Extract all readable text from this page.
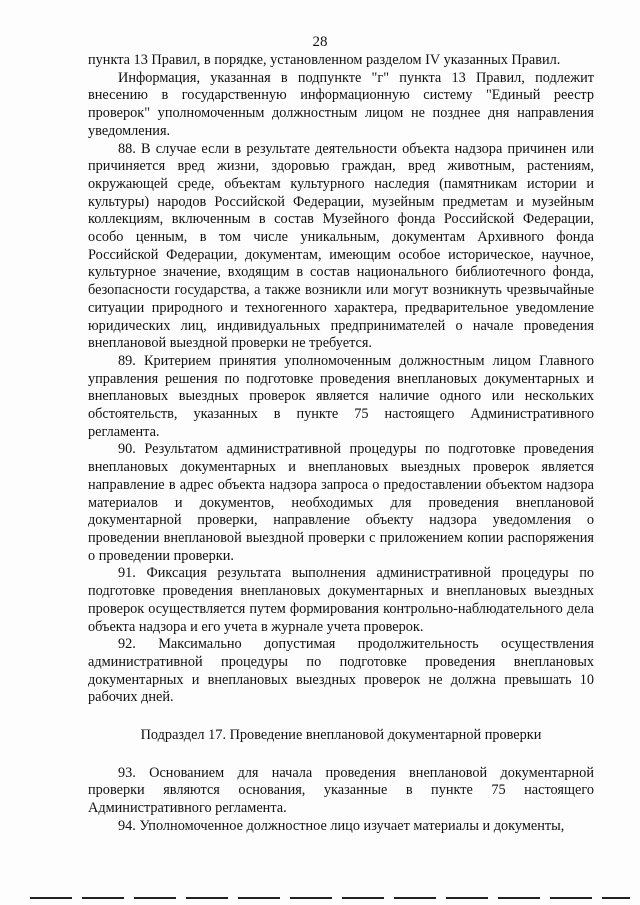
28

пункта 13 Правил, в порядке, установленном разделом IV указанных Правил.

Информация, указанная в подпункте "г" пункта 13 Правил, подлежит внесению в государственную информационную систему "Единый реестр проверок" уполномоченным должностным лицом не позднее дня направления уведомления.

88. В случае если в результате деятельности объекта надзора причинен или причиняется вред жизни, здоровью граждан, вред животным, растениям, окружающей среде, объектам культурного наследия (памятникам истории и культуры) народов Российской Федерации, музейным предметам и музейным коллекциям, включенным в состав Музейного фонда Российской Федерации, особо ценным, в том числе уникальным, документам Архивного фонда Российской Федерации, документам, имеющим особое историческое, научное, культурное значение, входящим в состав национального библиотечного фонда, безопасности государства, а также возникли или могут возникнуть чрезвычайные ситуации природного и техногенного характера, предварительное уведомление юридических лиц, индивидуальных предпринимателей о начале проведения внеплановой выездной проверки не требуется.

89. Критерием принятия уполномоченным должностным лицом Главного управления решения по подготовке проведения внеплановых документарных и внеплановых выездных проверок является наличие одного или нескольких обстоятельств, указанных в пункте 75 настоящего Административного регламента.

90. Результатом административной процедуры по подготовке проведения внеплановых документарных и внеплановых выездных проверок является направление в адрес объекта надзора запроса о предоставлении объектом надзора материалов и документов, необходимых для проведения внеплановой документарной проверки, направление объекту надзора уведомления о проведении внеплановой выездной проверки с приложением копии распоряжения о проведении проверки.

91. Фиксация результата выполнения административной процедуры по подготовке проведения внеплановых документарных и внеплановых выездных проверок осуществляется путем формирования контрольно-наблюдательного дела объекта надзора и его учета в журнале учета проверок.

92. Максимально допустимая продолжительность осуществления административной процедуры по подготовке проведения внеплановых документарных и внеплановых выездных проверок не должна превышать 10 рабочих дней.

Подраздел 17. Проведение внеплановой документарной проверки

93. Основанием для начала проведения внеплановой документарной проверки являются основания, указанные в пункте 75 настоящего Административного регламента.

94. Уполномоченное должностное лицо изучает материалы и документы,
